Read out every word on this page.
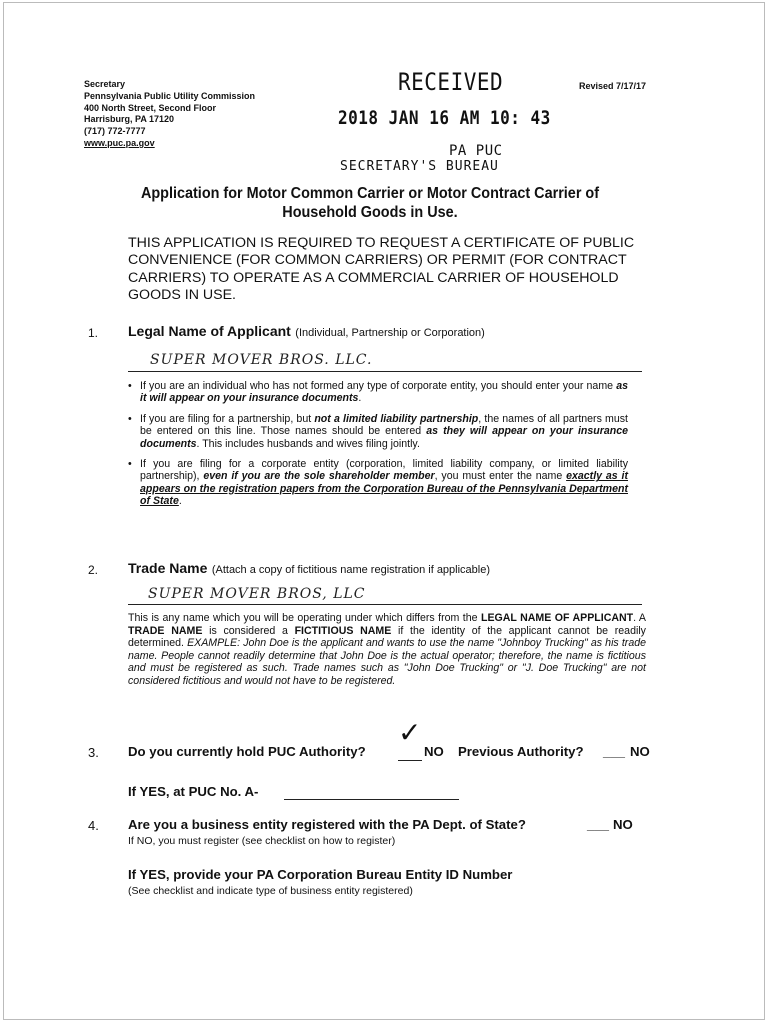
Secretary
Pennsylvania Public Utility Commission
400 North Street, Second Floor
Harrisburg, PA 17120
(717) 772-7777
www.puc.pa.gov
Revised 7/17/17
RECEIVED
2018 JAN 16 AM 10: 43
PA PUC
SECRETARY'S BUREAU
Application for Motor Common Carrier or Motor Contract Carrier of
Household Goods in Use.
THIS APPLICATION IS REQUIRED TO REQUEST A CERTIFICATE OF PUBLIC CONVENIENCE (FOR COMMON CARRIERS) OR PERMIT (FOR CONTRACT CARRIERS) TO OPERATE AS A COMMERCIAL CARRIER OF HOUSEHOLD GOODS IN USE.
1. Legal Name of Applicant (Individual, Partnership or Corporation)
SUPER MOVER BROS. LLC.
• If you are an individual who has not formed any type of corporate entity, you should enter your name as it will appear on your insurance documents.
• If you are filing for a partnership, but not a limited liability partnership, the names of all partners must be entered on this line. Those names should be entered as they will appear on your insurance documents. This includes husbands and wives filing jointly.
• If you are filing for a corporate entity (corporation, limited liability company, or limited liability partnership), even if you are the sole shareholder member, you must enter the name exactly as it appears on the registration papers from the Corporation Bureau of the Pennsylvania Department of State.
2. Trade Name (Attach a copy of fictitious name registration if applicable)
SUPER MOVER BROS, LLC
This is any name which you will be operating under which differs from the LEGAL NAME OF APPLICANT. A TRADE NAME is considered a FICTITIOUS NAME if the identity of the applicant cannot be readily determined. EXAMPLE: John Doe is the applicant and wants to use the name "Johnboy Trucking" as his trade name. People cannot readily determine that John Doe is the actual operator; therefore, the name is fictitious and must be registered as such. Trade names such as "John Doe Trucking" or "J. Doe Trucking" are not considered fictitious and would not have to be registered.
3. Do you currently hold PUC Authority?
✓
NO Previous Authority? ___ NO
If YES, at PUC No. A-
4. Are you a business entity registered with the PA Dept. of State?	___ NO
If NO, you must register (see checklist on how to register)
If YES, provide your PA Corporation Bureau Entity ID Number
(See checklist and indicate type of business entity registered)
